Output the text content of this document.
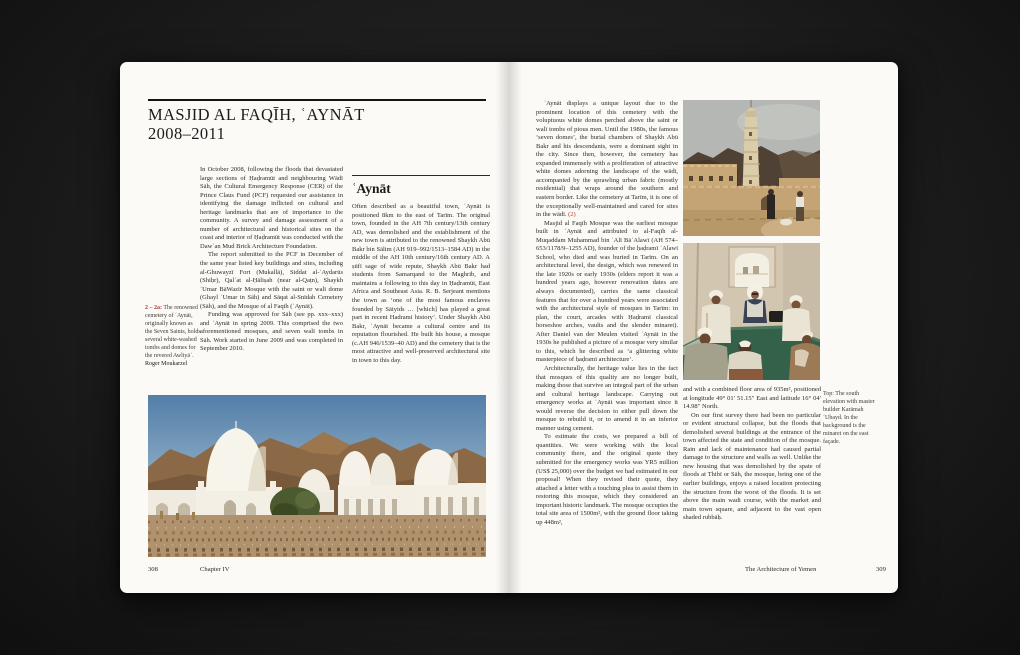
MASJID AL FAQĪH, ʿAYNĀT
2008–2011
2 – 2a: The renowned cemetery of ʿAynāt, originally known as the Seven Saints, holds several white-washed tombs and domes for the revered Awliyāʾ.
Roger Moukarzel

In October 2008, following the floods that devastated large sections of Ḥaḍramūt and neighbouring Wādī Sāh, the Cultural Emergency Response (CER) of the Prince Claus Fund (PCF) requested our assistance in identifying the damage inflicted on cultural and heritage landmarks that are of importance to the community. A survey and damage assessment of a number of architectural and historical sites on the coast and interior of Ḥaḍramūt was conducted with the Dawʿan Mud Brick Architecture Foundation.

The report submitted to the PCF in December of the same year listed key buildings and sites, including al-Ghuwayzī Fort (Mukallā), Siddat al-ʿAydarūs (Shiḥr), Qalʿat al-Ḥāliṣah (near al-Qaṭn), Shaykh ʿUmar BāWazīr Mosque with the saint or walī dome (Ghayl ʿUmar in Sāh) and Sāqat al-Snīdah Cemetery (Sāh), and the Mosque of al Faqīh (ʿAynāt).

Funding was approved for Sāh (see pp. xxx–xxx) and ʿAynāt in spring 2009. This comprised the two aforementioned mosques, and seven walī tombs in Sāh. Work started in June 2009 and was completed in September 2010.

ʿAynāt

Often described as a beautiful town, ʿAynāt is positioned 8km to the east of Tarīm. The original town, founded in the AH 7th century/13th century AD, was demolished and the establishment of the new town is attributed to the renowned Shaykh Abū Bakr bin Sālim (AH 919–992/1513–1584 AD) in the middle of the AH 10th century/16th century AD. A ṣūfī sage of wide repute, Shaykh Abū Bakr had students from Samarqand to the Maghrib, and maintains a following to this day in Ḥaḍramūt, East Africa and Southeast Asia. R. B. Serjeant mentions the town as ‘one of the most famous enclaves founded by Sāiyids … [which] has played a great part in recent Hadrami history’. Under Shaykh Abū Bakr, ʿAynāt became a cultural centre and its reputation flourished. He built his house, a mosque (c.AH 946/1539–40 AD) and the cemetery that is the most attractive and well-preserved architectural site in town to this day.

308	Chapter IV

ʿAynāt displays a unique layout due to the prominent location of this cemetery with the voluptuous white domes perched above the saint or walī tombs of pious men. Until the 1980s, the famous ‘seven domes’, the burial chambers of Shaykh Abū Bakr and his descendants, were a dominant sight in the city. Since then, however, the cemetery has expanded immensely with a proliferation of attractive white domes adorning the landscape of the wādī, accompanied by the sprawling urban fabric (mostly residential) that wraps around the southern and eastern border. Like the cemetery at Tarīm, it is one of the exceptionally well-maintained and cared for sites in the wādī. (2)

Masjid al Faqīh Mosque was the earliest mosque built in ʿAynāt and attributed to al-Faqīh al-Muqaddam Muhammad bin ʿAlī BāʿAlawī (AH 574–653/1178/9–1255 AD), founder of the ḥaḍramī ʿAlawī School, who died and was buried in Tarīm. On an architectural level, the design, which was renewed in the late 1920s or early 1930s (elders report it was a hundred years ago, however renovation dates are always documented), carries the same classical features that for over a hundred years were associated with the architectural style of mosques in Tarīm: in plan, the court, arcades with Ḥaḍramī classical horseshoe arches, vaults and the slender minaret). After Daniel van der Meulen visited ʿAynāt in the 1930s he published a picture of a mosque very similar to this, which he described as ‘a glittering white masterpiece of ḥaḍramī architecture’.

Architecturally, the heritage value lies in the fact that mosques of this quality are no longer built, making those that survive an integral part of the urban and cultural heritage landscape. Carrying out emergency works at ʿAynāt was important since it would reverse the decision to either pull down the mosque to rebuild it, or to amend it in an inferior manner using cement.

To estimate the costs, we prepared a bill of quantities. We were working with the local community there, and the original quote they submitted for the emergency works was YR5 million (US$ 25,000) over the budget we had estimated in our proposal! When they revised their quote, they attached a letter with a touching plea to assist them in restoring this mosque, which they considered an important historic landmark. The mosque occupies the total site area of 1500m², with the ground floor taking up 448m²,

and with a combined floor area of 935m², positioned at longitude 49° 01′ 51.15″ East and latitude 16° 04′ 14.98″ North.

On our first survey there had been no particular or evident structural collapse, but the floods that demolished several buildings at the entrance of the town affected the state and condition of the mosque. Rain and lack of maintenance had caused partial damage to the structure and walls as well. Unlike the new housing that was demolished by the spate of floods at Thibī or Sāh, the mosque, being one of the earlier buildings, enjoys a raised location protecting the structure from the worst of the floods. It is set above the main wadi course, with the market and main town square, and adjacent to the vast open shaded rubbāḥ.

Top: The south elevation with master builder Karāmah ʿUbayd. In the background is the minaret on the east façade.
The Architecture of Yemen	309
